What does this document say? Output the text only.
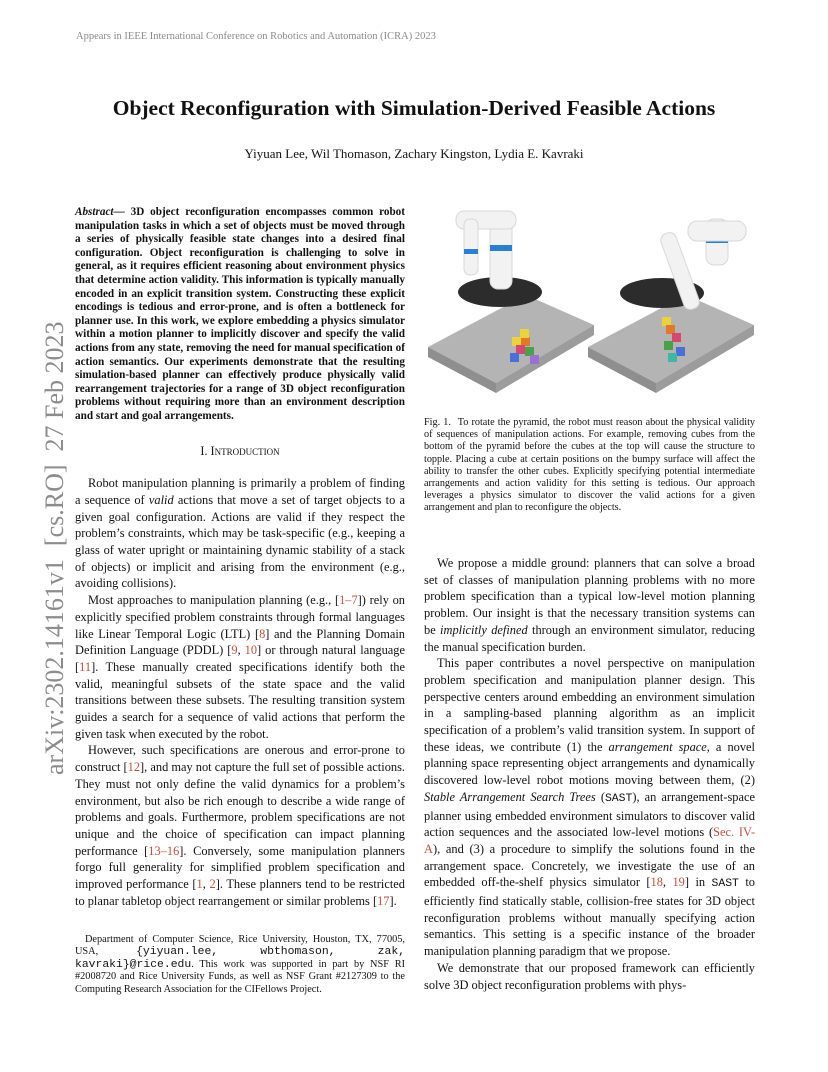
Appears in IEEE International Conference on Robotics and Automation (ICRA) 2023
Object Reconfiguration with Simulation-Derived Feasible Actions
Yiyuan Lee, Wil Thomason, Zachary Kingston, Lydia E. Kavraki
arXiv:2302.14161v1  [cs.RO]  27 Feb 2023
Abstract— 3D object reconfiguration encompasses common robot manipulation tasks in which a set of objects must be moved through a series of physically feasible state changes into a desired final configuration. Object reconfiguration is challenging to solve in general, as it requires efficient reasoning about environment physics that determine action validity. This information is typically manually encoded in an explicit transition system. Constructing these explicit encodings is tedious and error-prone, and is often a bottleneck for planner use. In this work, we explore embedding a physics simulator within a motion planner to implicitly discover and specify the valid actions from any state, removing the need for manual specification of action semantics. Our experiments demonstrate that the resulting simulation-based planner can effectively produce physically valid rearrangement trajectories for a range of 3D object reconfiguration problems without requiring more than an environment description and start and goal arrangements.
I. Introduction

Robot manipulation planning is primarily a problem of finding a sequence of valid actions that move a set of target objects to a given goal configuration. Actions are valid if they respect the problem’s constraints, which may be task-specific (e.g., keeping a glass of water upright or maintaining dynamic stability of a stack of objects) or implicit and arising from the environment (e.g., avoiding collisions).

Most approaches to manipulation planning (e.g., [1–7]) rely on explicitly specified problem constraints through formal languages like Linear Temporal Logic (LTL) [8] and the Planning Domain Definition Language (PDDL) [9, 10] or through natural language [11]. These manually created specifications identify both the valid, meaningful subsets of the state space and the valid transitions between these subsets. The resulting transition system guides a search for a sequence of valid actions that perform the given task when executed by the robot.

However, such specifications are onerous and error-prone to construct [12], and may not capture the full set of possible actions. They must not only define the valid dynamics for a problem’s environment, but also be rich enough to describe a wide range of problems and goals. Furthermore, problem specifications are not unique and the choice of specification can impact planning performance [13–16]. Conversely, some manipulation planners forgo full generality for simplified problem specification and improved performance [1, 2]. These planners tend to be restricted to planar tabletop object rearrangement or similar problems [17].

Department of Computer Science, Rice University, Houston, TX, 77005, USA, {yiyuan.lee, wbthomason, zak, kavraki}@rice.edu. This work was supported in part by NSF RI #2008720 and Rice University Funds, as well as NSF Grant #2127309 to the Computing Research Association for the CIFellows Project.

Fig. 1. To rotate the pyramid, the robot must reason about the physical validity of sequences of manipulation actions. For example, removing cubes from the bottom of the pyramid before the cubes at the top will cause the structure to topple. Placing a cube at certain positions on the bumpy surface will affect the ability to transfer the other cubes. Explicitly specifying potential intermediate arrangements and action validity for this setting is tedious. Our approach leverages a physics simulator to discover the valid actions for a given arrangement and plan to reconfigure the objects.

We propose a middle ground: planners that can solve a broad set of classes of manipulation planning problems with no more problem specification than a typical low-level motion planning problem. Our insight is that the necessary transition systems can be implicitly defined through an environment simulator, reducing the manual specification burden.

This paper contributes a novel perspective on manipulation problem specification and manipulation planner design. This perspective centers around embedding an environment simulation in a sampling-based planning algorithm as an implicit specification of a problem’s valid transition system. In support of these ideas, we contribute (1) the arrangement space, a novel planning space representing object arrangements and dynamically discovered low-level robot motions moving between them, (2) Stable Arrangement Search Trees (SAST), an arrangement-space planner using embedded environment simulators to discover valid action sequences and the associated low-level motions (Sec. IV-A), and (3) a procedure to simplify the solutions found in the arrangement space. Concretely, we investigate the use of an embedded off-the-shelf physics simulator [18, 19] in SAST to efficiently find statically stable, collision-free states for 3D object reconfiguration problems without manually specifying action semantics. This setting is a specific instance of the broader manipulation planning paradigm that we propose.

We demonstrate that our proposed framework can efficiently solve 3D object reconfiguration problems with phys-
